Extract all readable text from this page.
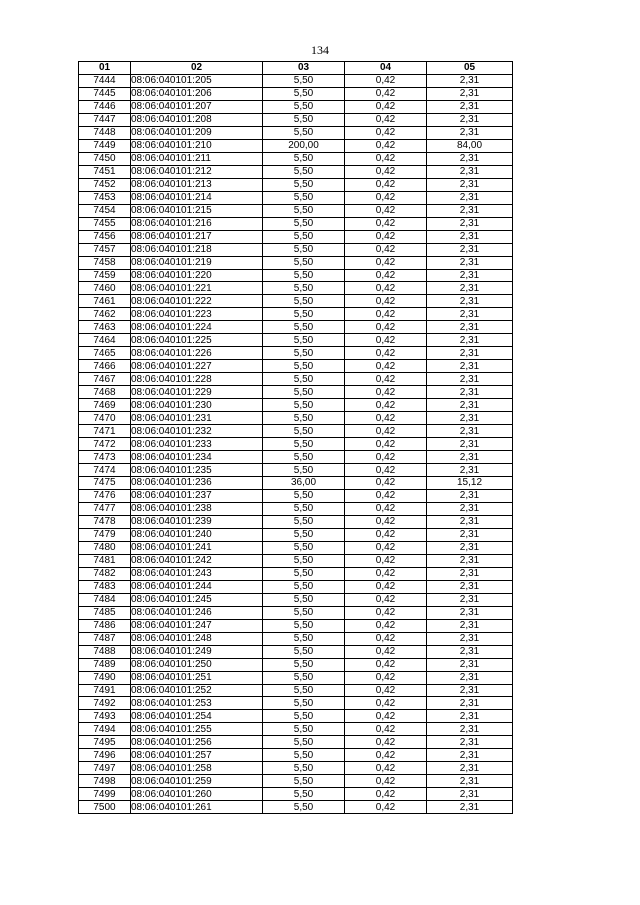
134
01	02	03	04	05
7444	08:06:040101:205	5,50	0,42	2,31
7445	08:06:040101:206	5,50	0,42	2,31
7446	08:06:040101:207	5,50	0,42	2,31
7447	08:06:040101:208	5,50	0,42	2,31
7448	08:06:040101:209	5,50	0,42	2,31
7449	08:06:040101:210	200,00	0,42	84,00
7450	08:06:040101:211	5,50	0,42	2,31
7451	08:06:040101:212	5,50	0,42	2,31
7452	08:06:040101:213	5,50	0,42	2,31
7453	08:06:040101:214	5,50	0,42	2,31
7454	08:06:040101:215	5,50	0,42	2,31
7455	08:06:040101:216	5,50	0,42	2,31
7456	08:06:040101:217	5,50	0,42	2,31
7457	08:06:040101:218	5,50	0,42	2,31
7458	08:06:040101:219	5,50	0,42	2,31
7459	08:06:040101:220	5,50	0,42	2,31
7460	08:06:040101:221	5,50	0,42	2,31
7461	08:06:040101:222	5,50	0,42	2,31
7462	08:06:040101:223	5,50	0,42	2,31
7463	08:06:040101:224	5,50	0,42	2,31
7464	08:06:040101:225	5,50	0,42	2,31
7465	08:06:040101:226	5,50	0,42	2,31
7466	08:06:040101:227	5,50	0,42	2,31
7467	08:06:040101:228	5,50	0,42	2,31
7468	08:06:040101:229	5,50	0,42	2,31
7469	08:06:040101:230	5,50	0,42	2,31
7470	08:06:040101:231	5,50	0,42	2,31
7471	08:06:040101:232	5,50	0,42	2,31
7472	08:06:040101:233	5,50	0,42	2,31
7473	08:06:040101:234	5,50	0,42	2,31
7474	08:06:040101:235	5,50	0,42	2,31
7475	08:06:040101:236	36,00	0,42	15,12
7476	08:06:040101:237	5,50	0,42	2,31
7477	08:06:040101:238	5,50	0,42	2,31
7478	08:06:040101:239	5,50	0,42	2,31
7479	08:06:040101:240	5,50	0,42	2,31
7480	08:06:040101:241	5,50	0,42	2,31
7481	08:06:040101:242	5,50	0,42	2,31
7482	08:06:040101:243	5,50	0,42	2,31
7483	08:06:040101:244	5,50	0,42	2,31
7484	08:06:040101:245	5,50	0,42	2,31
7485	08:06:040101:246	5,50	0,42	2,31
7486	08:06:040101:247	5,50	0,42	2,31
7487	08:06:040101:248	5,50	0,42	2,31
7488	08:06:040101:249	5,50	0,42	2,31
7489	08:06:040101:250	5,50	0,42	2,31
7490	08:06:040101:251	5,50	0,42	2,31
7491	08:06:040101:252	5,50	0,42	2,31
7492	08:06:040101:253	5,50	0,42	2,31
7493	08:06:040101:254	5,50	0,42	2,31
7494	08:06:040101:255	5,50	0,42	2,31
7495	08:06:040101:256	5,50	0,42	2,31
7496	08:06:040101:257	5,50	0,42	2,31
7497	08:06:040101:258	5,50	0,42	2,31
7498	08:06:040101:259	5,50	0,42	2,31
7499	08:06:040101:260	5,50	0,42	2,31
7500	08:06:040101:261	5,50	0,42	2,31
